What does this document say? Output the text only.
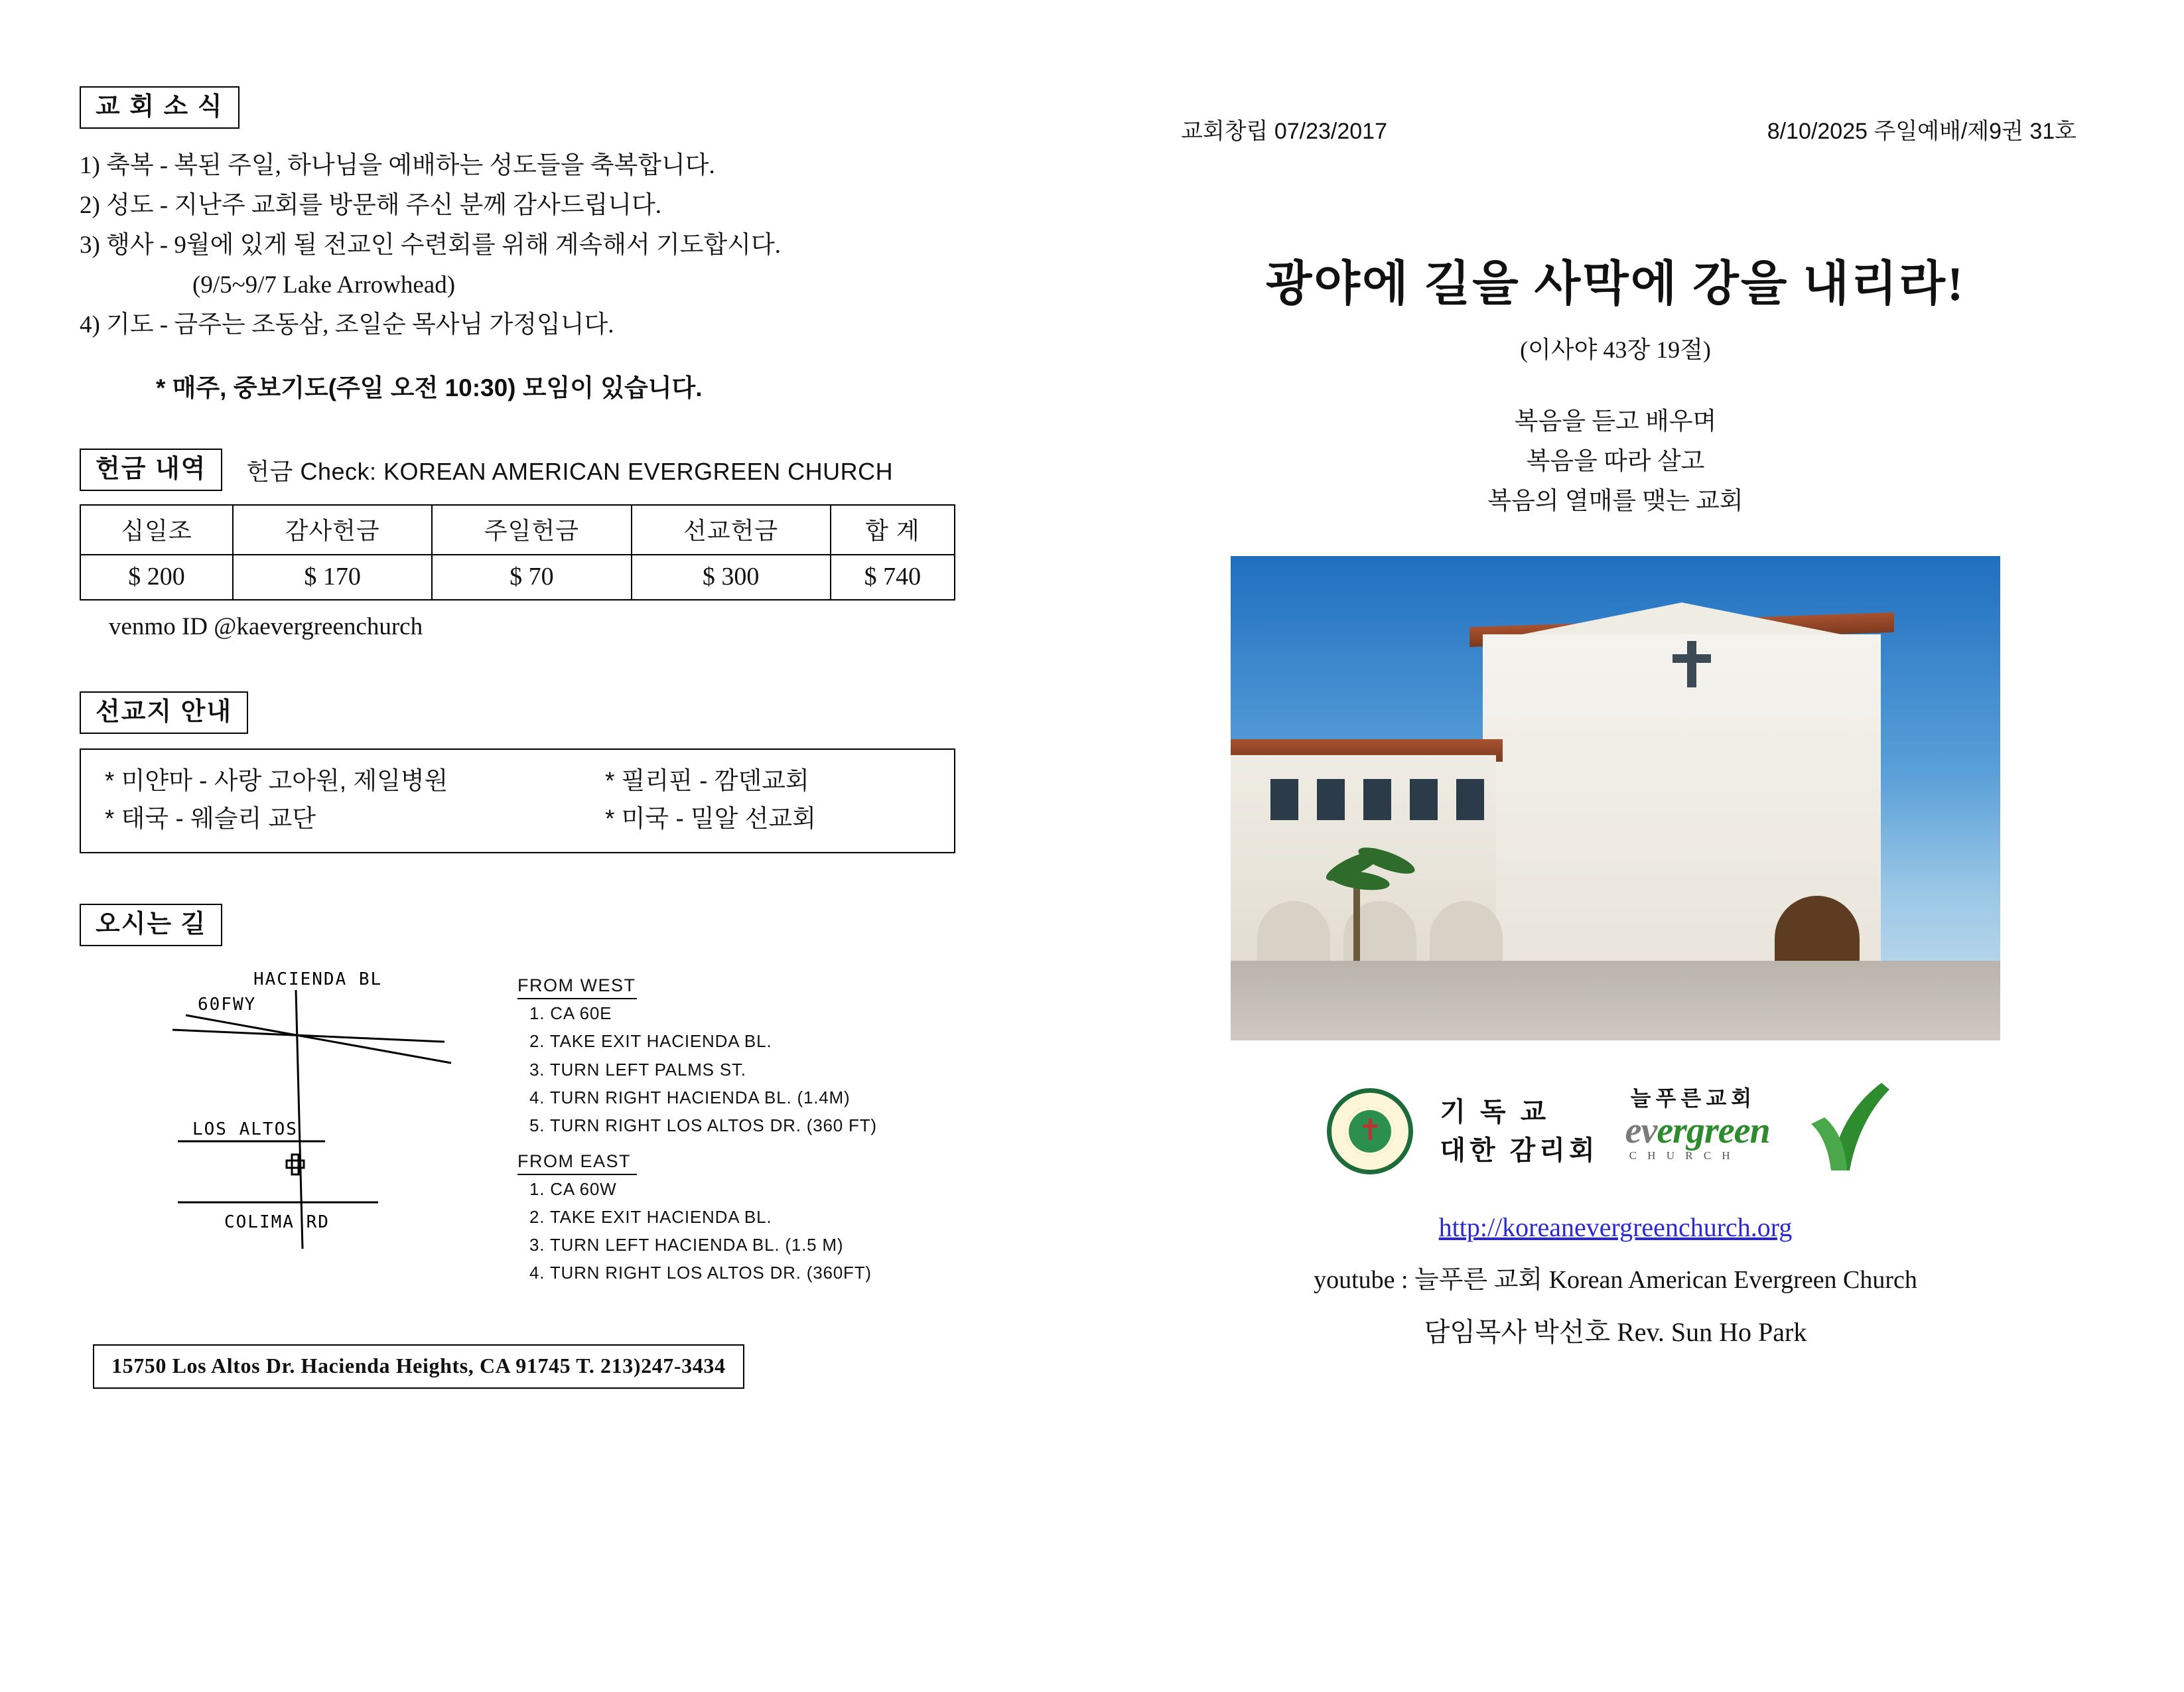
교 회 소 식
1) 축복 - 복된 주일, 하나님을 예배하는 성도들을 축복합니다.
2) 성도 - 지난주 교회를 방문해 주신 분께 감사드립니다.
3) 행사 - 9월에 있게 될 전교인 수련회를 위해 계속해서 기도합시다.
(9/5~9/7 Lake Arrowhead)
4) 기도 - 금주는 조동삼, 조일순 목사님 가정입니다.
* 매주, 중보기도(주일 오전 10:30) 모임이 있습니다.
헌금 내역	헌금 Check: KOREAN AMERICAN EVERGREEN CHURCH
십일조	감사헌금	주일헌금	선교헌금	합 계
$ 200	$ 170	$ 70	$ 300	$ 740
venmo ID @kaevergreenchurch
선교지 안내
* 미얀마 - 사랑 고아원, 제일병원	* 필리핀 - 깜덴교회
* 태국 - 웨슬리 교단	* 미국 - 밀알 선교회
오시는 길
HACIENDA BL
60FWY
LOS ALTOS
COLIMA RD
FROM WEST
1. CA 60E
2. TAKE EXIT HACIENDA BL.
3. TURN LEFT PALMS ST.
4. TURN RIGHT HACIENDA BL. (1.4M)
5. TURN RIGHT LOS ALTOS DR. (360 FT)
FROM EAST
1. CA 60W
2. TAKE EXIT HACIENDA BL.
3. TURN LEFT HACIENDA BL. (1.5 M)
4. TURN RIGHT LOS ALTOS DR. (360FT)
15750 Los Altos Dr. Hacienda Heights, CA 91745 T. 213)247-3434
교회창립 07/23/2017	8/10/2025 주일예배/제9권 31호
광야에 길을 사막에 강을 내리라!
(이사야 43장 19절)
복음을 듣고 배우며
복음을 따라 살고
복음의 열매를 맺는 교회
✝
기 독 교
대한 감리회
늘푸른교회
evergreen
C H U R C H
http://koreanevergreenchurch.org
youtube : 늘푸른 교회 Korean American Evergreen Church
담임목사 박선호 Rev. Sun Ho Park
